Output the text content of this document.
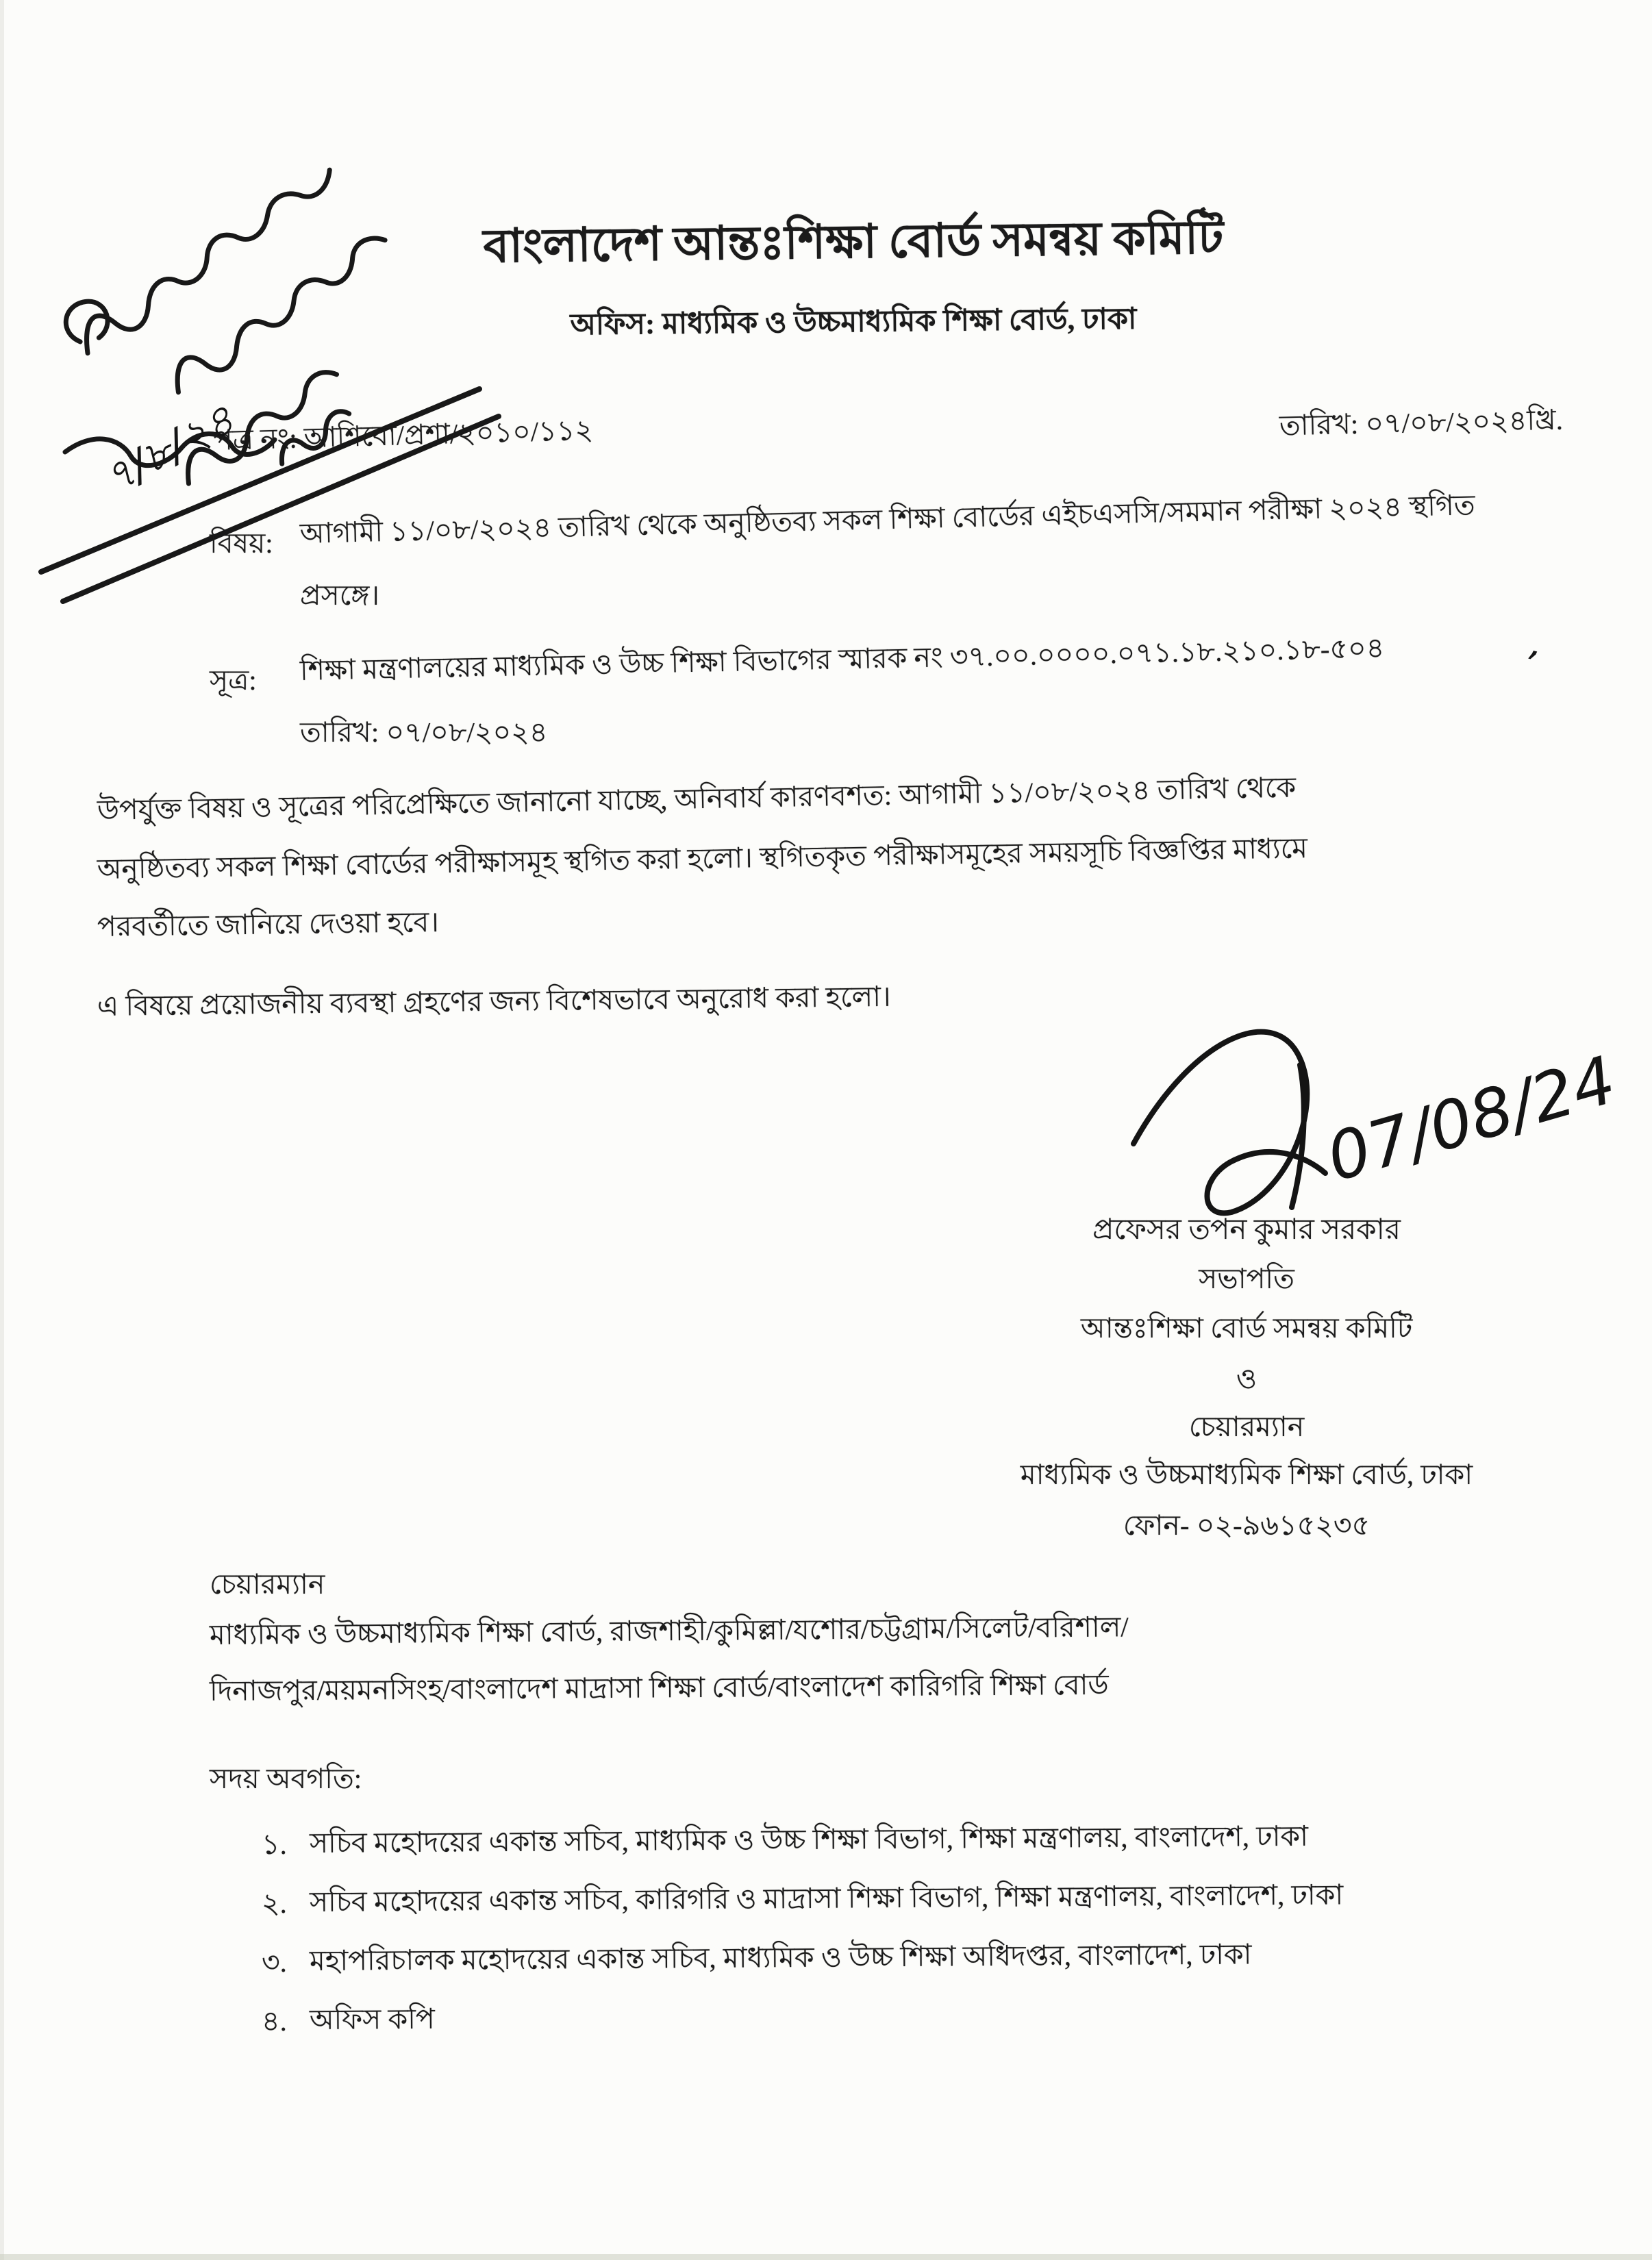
৭/৮/২৪
বাংলাদেশ আন্তঃশিক্ষা বোর্ড সমন্বয় কমিটি
অফিস: মাধ্যমিক ও উচ্চমাধ্যমিক শিক্ষা বোর্ড, ঢাকা
পত্র নং: আশিবো/প্রশা/২০১০/১১২	তারিখ: ০৭/০৮/২০২৪খ্রি.
বিষয়: আগামী ১১/০৮/২০২৪ তারিখ থেকে অনুষ্ঠিতব্য সকল শিক্ষা বোর্ডের এইচএসসি/সমমান পরীক্ষা ২০২৪ স্থগিত
প্রসঙ্গে।
সূত্র: শিক্ষা মন্ত্রণালয়ের মাধ্যমিক ও উচ্চ শিক্ষা বিভাগের স্মারক নং ৩৭.০০.০০০০.০৭১.১৮.২১০.১৮-৫০৪
তারিখ: ০৭/০৮/২০২৪
’
উপর্যুক্ত বিষয় ও সূত্রের পরিপ্রেক্ষিতে জানানো যাচ্ছে, অনিবার্য কারণবশত: আগামী ১১/০৮/২০২৪ তারিখ থেকে
অনুষ্ঠিতব্য সকল শিক্ষা বোর্ডের পরীক্ষাসমূহ স্থগিত করা হলো। স্থগিতকৃত পরীক্ষাসমূহের সময়সূচি বিজ্ঞপ্তির মাধ্যমে
পরবর্তীতে জানিয়ে দেওয়া হবে।
এ বিষয়ে প্রয়োজনীয় ব্যবস্থা গ্রহণের জন্য বিশেষভাবে অনুরোধ করা হলো।
07/08/24
প্রফেসর তপন কুমার সরকার
সভাপতি
আন্তঃশিক্ষা বোর্ড সমন্বয় কমিটি
ও
চেয়ারম্যান
মাধ্যমিক ও উচ্চমাধ্যমিক শিক্ষা বোর্ড, ঢাকা
ফোন- ০২-৯৬১৫২৩৫
চেয়ারম্যান
মাধ্যমিক ও উচ্চমাধ্যমিক শিক্ষা বোর্ড, রাজশাহী/কুমিল্লা/যশোর/চট্টগ্রাম/সিলেট/বরিশাল/
দিনাজপুর/ময়মনসিংহ/বাংলাদেশ মাদ্রাসা শিক্ষা বোর্ড/বাংলাদেশ কারিগরি শিক্ষা বোর্ড
সদয় অবগতি:
১. সচিব মহোদয়ের একান্ত সচিব, মাধ্যমিক ও উচ্চ শিক্ষা বিভাগ, শিক্ষা মন্ত্রণালয়, বাংলাদেশ, ঢাকা
২. সচিব মহোদয়ের একান্ত সচিব, কারিগরি ও মাদ্রাসা শিক্ষা বিভাগ, শিক্ষা মন্ত্রণালয়, বাংলাদেশ, ঢাকা
৩. মহাপরিচালক মহোদয়ের একান্ত সচিব, মাধ্যমিক ও উচ্চ শিক্ষা অধিদপ্তর, বাংলাদেশ, ঢাকা
৪. অফিস কপি
